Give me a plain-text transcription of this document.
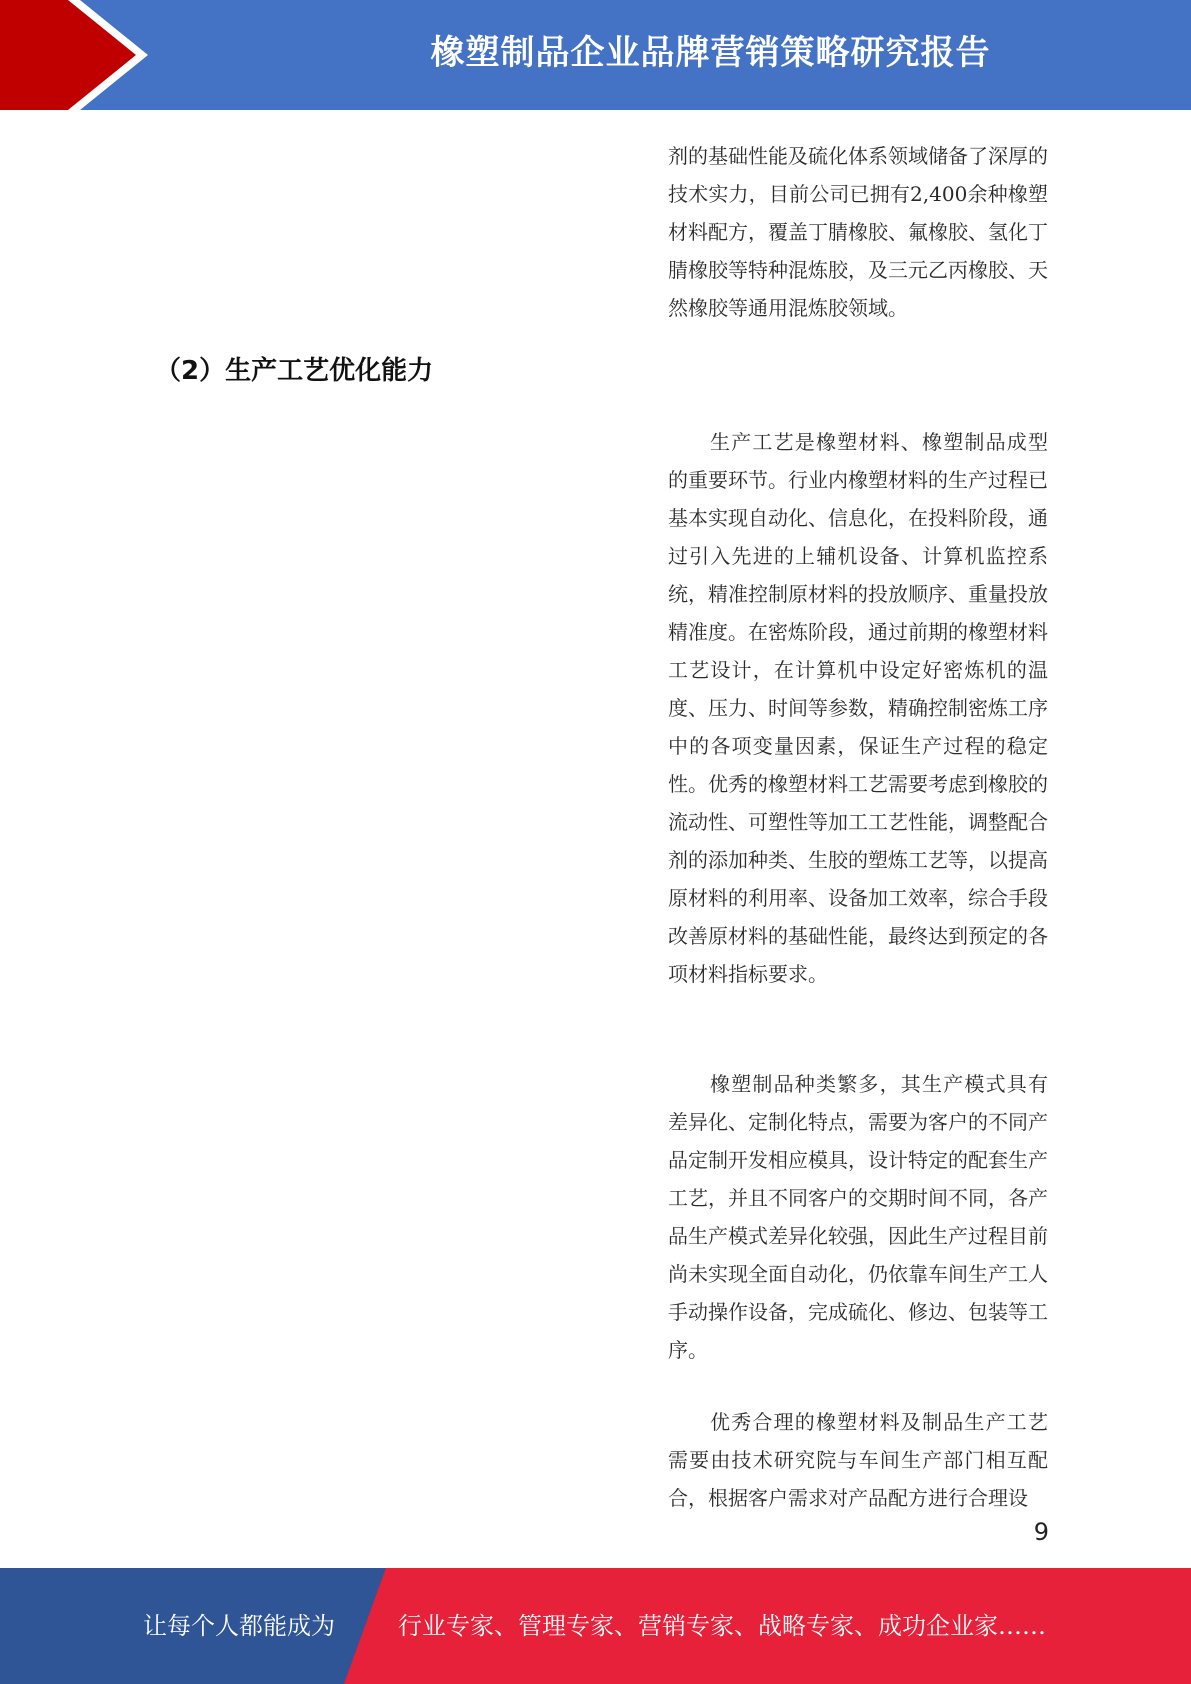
橡塑制品企业品牌营销策略研究报告

剂的基础性能及硫化体系领域储备了深厚的技术实力，目前公司已拥有2,400余种橡塑材料配方，覆盖丁腈橡胶、氟橡胶、氢化丁腈橡胶等特种混炼胶，及三元乙丙橡胶、天然橡胶等通用混炼胶领域。

（2）生产工艺优化能力

生产工艺是橡塑材料、橡塑制品成型的重要环节。行业内橡塑材料的生产过程已基本实现自动化、信息化，在投料阶段，通过引入先进的上辅机设备、计算机监控系统，精准控制原材料的投放顺序、重量投放精准度。在密炼阶段，通过前期的橡塑材料工艺设计，在计算机中设定好密炼机的温度、压力、时间等参数，精确控制密炼工序中的各项变量因素，保证生产过程的稳定性。优秀的橡塑材料工艺需要考虑到橡胶的流动性、可塑性等加工工艺性能，调整配合剂的添加种类、生胶的塑炼工艺等，以提高原材料的利用率、设备加工效率，综合手段改善原材料的基础性能，最终达到预定的各项材料指标要求。

橡塑制品种类繁多，其生产模式具有差异化、定制化特点，需要为客户的不同产品定制开发相应模具，设计特定的配套生产工艺，并且不同客户的交期时间不同，各产品生产模式差异化较强，因此生产过程目前尚未实现全面自动化，仍依靠车间生产工人手动操作设备，完成硫化、修边、包装等工序。

优秀合理的橡塑材料及制品生产工艺需要由技术研究院与车间生产部门相互配合，根据客户需求对产品配方进行合理设

9
让每个人都能成为	行业专家、管理专家、营销专家、战略专家、成功企业家……
